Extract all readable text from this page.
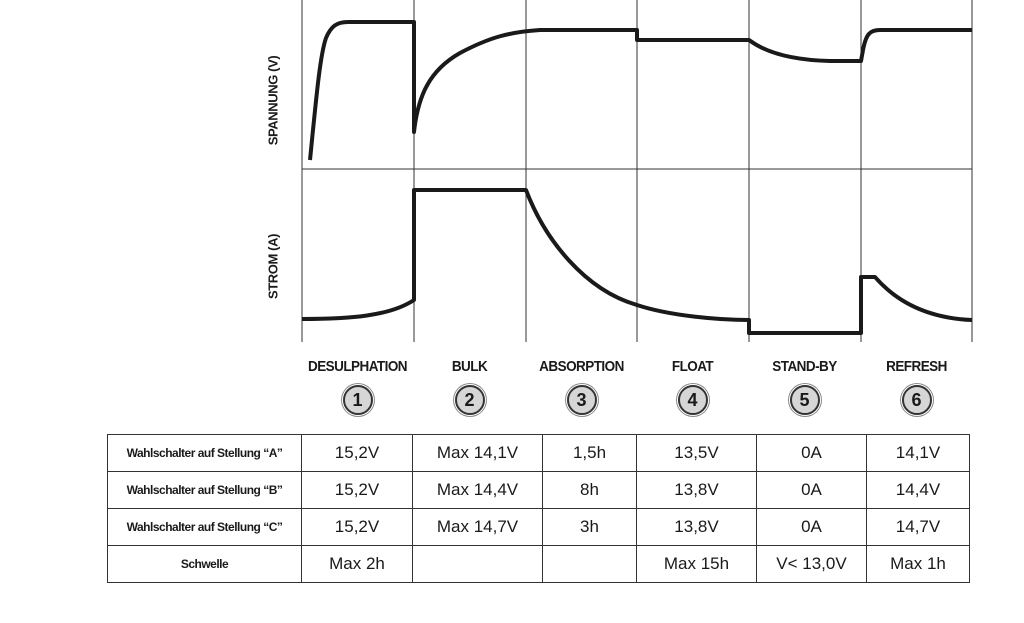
SPANNUNG (V)
STROM (A)
DESULPHATION
1
BULK
2
ABSORPTION
3
FLOAT
4
STAND-BY
5
REFRESH
6
Wahlschalter auf Stellung “A”	15,2V	Max 14,1V	1,5h	13,5V	0A	14,1V
Wahlschalter auf Stellung “B”	15,2V	Max 14,4V	8h	13,8V	0A	14,4V
Wahlschalter auf Stellung “C”	15,2V	Max 14,7V	3h	13,8V	0A	14,7V
Schwelle	Max 2h			Max 15h	V< 13,0V	Max 1h
